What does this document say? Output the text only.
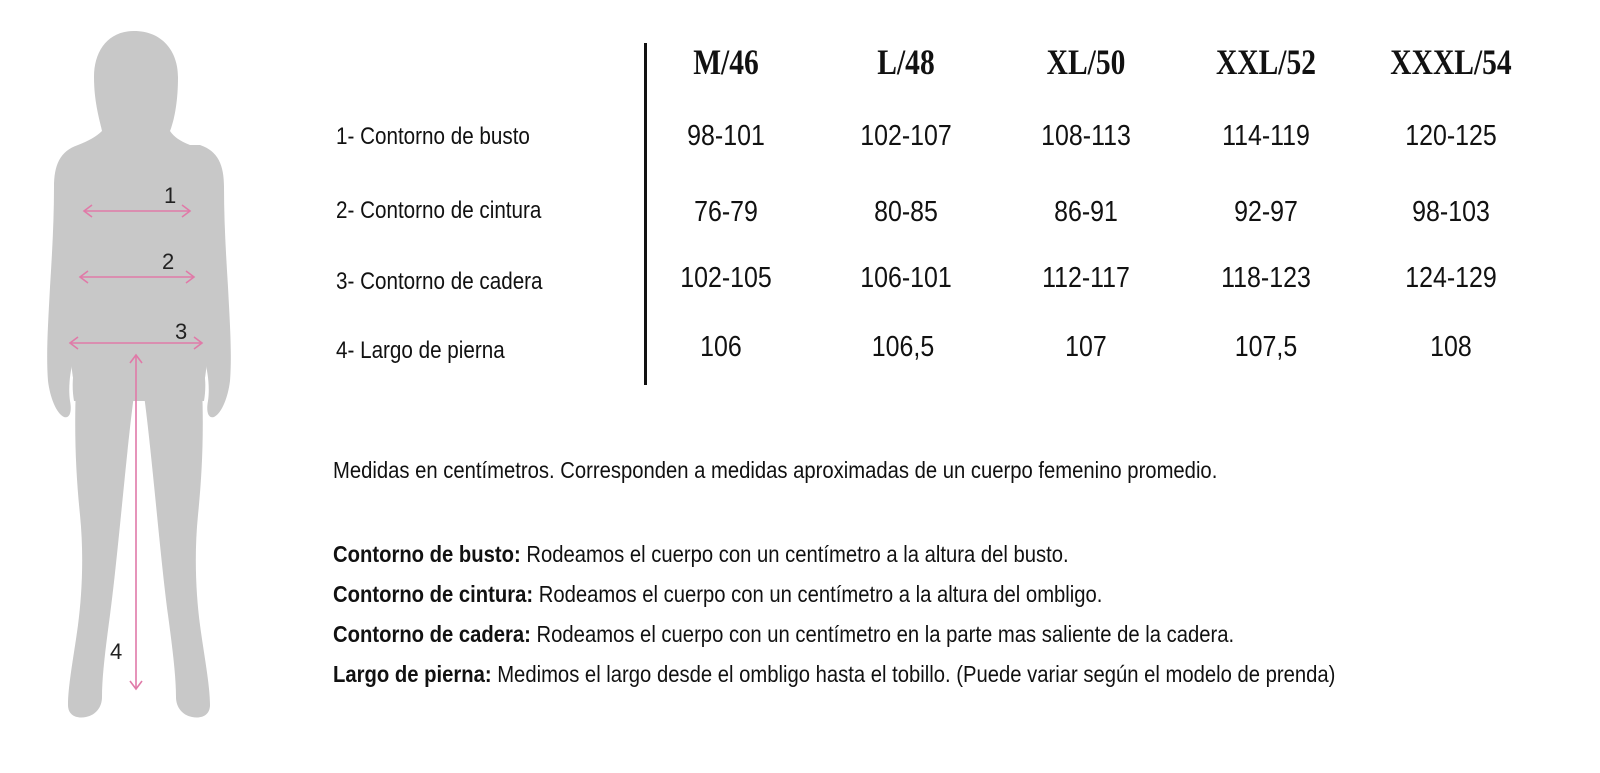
1
2
3
4
M/46	L/48	XL/50	XXL/52	XXXL/54
1- Contorno de busto	98-101	102-107	108-113	114-119	120-125
2- Contorno de cintura	76-79	80-85	86-91	92-97	98-103
3- Contorno de cadera	102-105	106-101	112-117	118-123	124-129
4- Largo de pierna	106	106,5	107	107,5	108

Medidas en centímetros. Corresponden a medidas aproximadas de un cuerpo femenino promedio.

Contorno de busto: Rodeamos el cuerpo con un centímetro a la altura del busto.
Contorno de cintura: Rodeamos el cuerpo con un centímetro a la altura del ombligo.
Contorno de cadera: Rodeamos el cuerpo con un centímetro en la parte mas saliente de la cadera.
Largo de pierna: Medimos el largo desde el ombligo hasta el tobillo. (Puede variar según el modelo de prenda)
